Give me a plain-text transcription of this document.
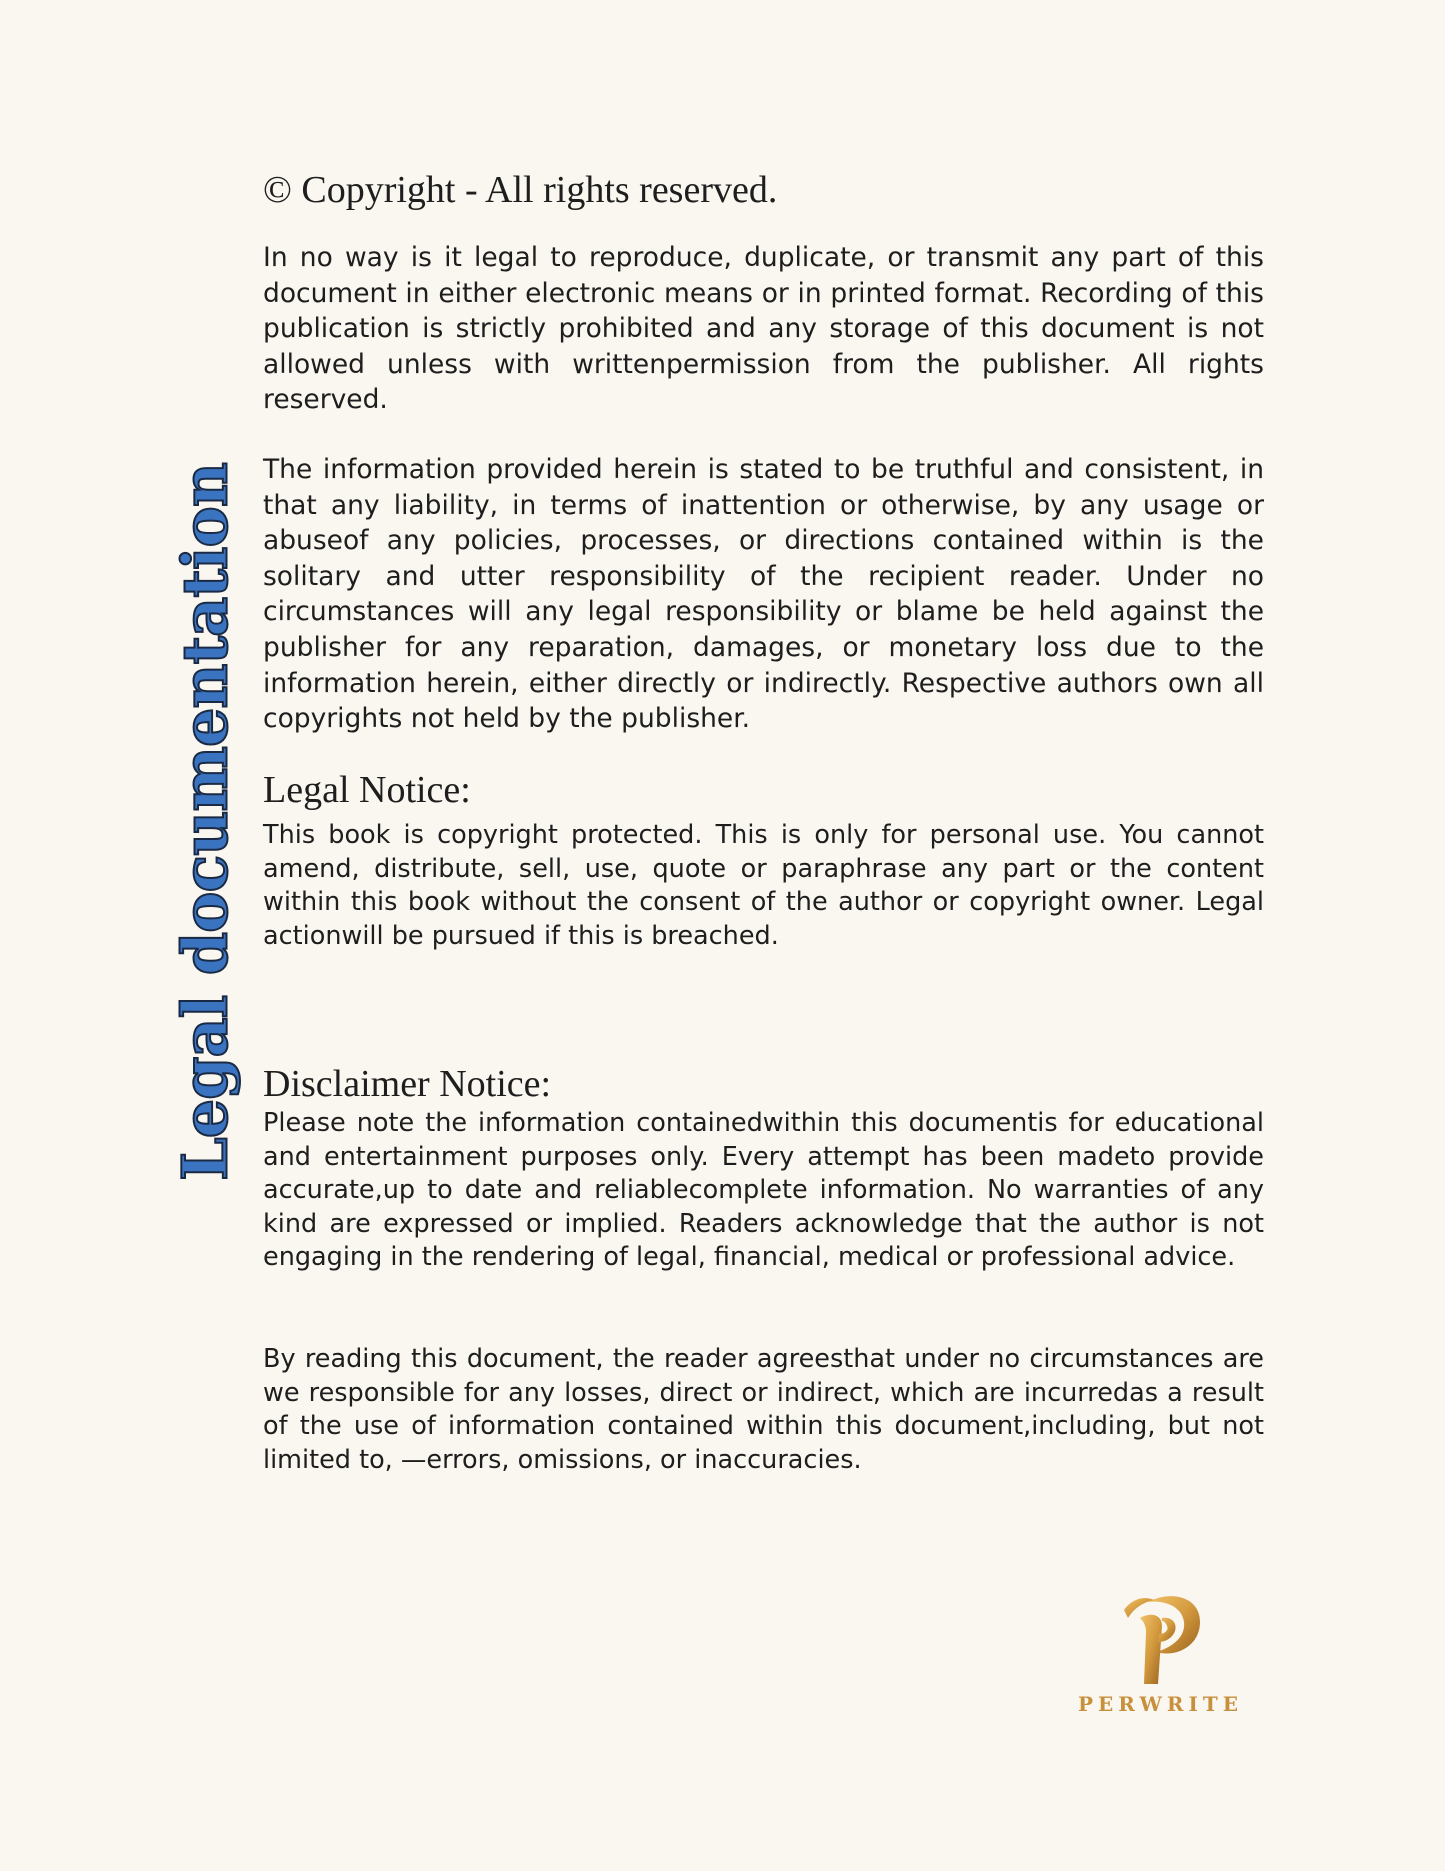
Legal documentation
© Copyright - All rights reserved.
In no way is it legal to reproduce, duplicate, or transmit any part of this document in either electronic means or in printed format. Recording of this publication is strictly prohibited and any storage of this document is not allowed unless with writtenpermission from the publisher. All rights reserved.
The information provided herein is stated to be truthful and consistent, in that any liability, in terms of inattention or otherwise, by any usage or abuseof any policies, processes, or directions contained within is the solitary and utter responsibility of the recipient reader. Under no circumstances will any legal responsibility or blame be held against the publisher for any reparation, damages, or monetary loss due to the information herein, either directly or indirectly. Respective authors own all copyrights not held by the publisher.
Legal Notice:
This book is copyright protected. This is only for personal use. You cannot amend, distribute, sell, use, quote or paraphrase any part or the content within this book without the consent of the author or copyright owner. Legal actionwill be pursued if this is breached.
Disclaimer Notice:
Please note the information containedwithin this documentis for educational and entertainment purposes only. Every attempt has been madeto provide accurate,up to date and reliablecomplete information. No warranties of any kind are expressed or implied. Readers acknowledge that the author is not engaging in the rendering of legal, financial, medical or professional advice.
By reading this document, the reader agreesthat under no circumstances are we responsible for any losses, direct or indirect, which are incurredas a result of the use of information contained within this document,including, but not limited to, —errors, omissions, or inaccuracies.
PERWRITE
